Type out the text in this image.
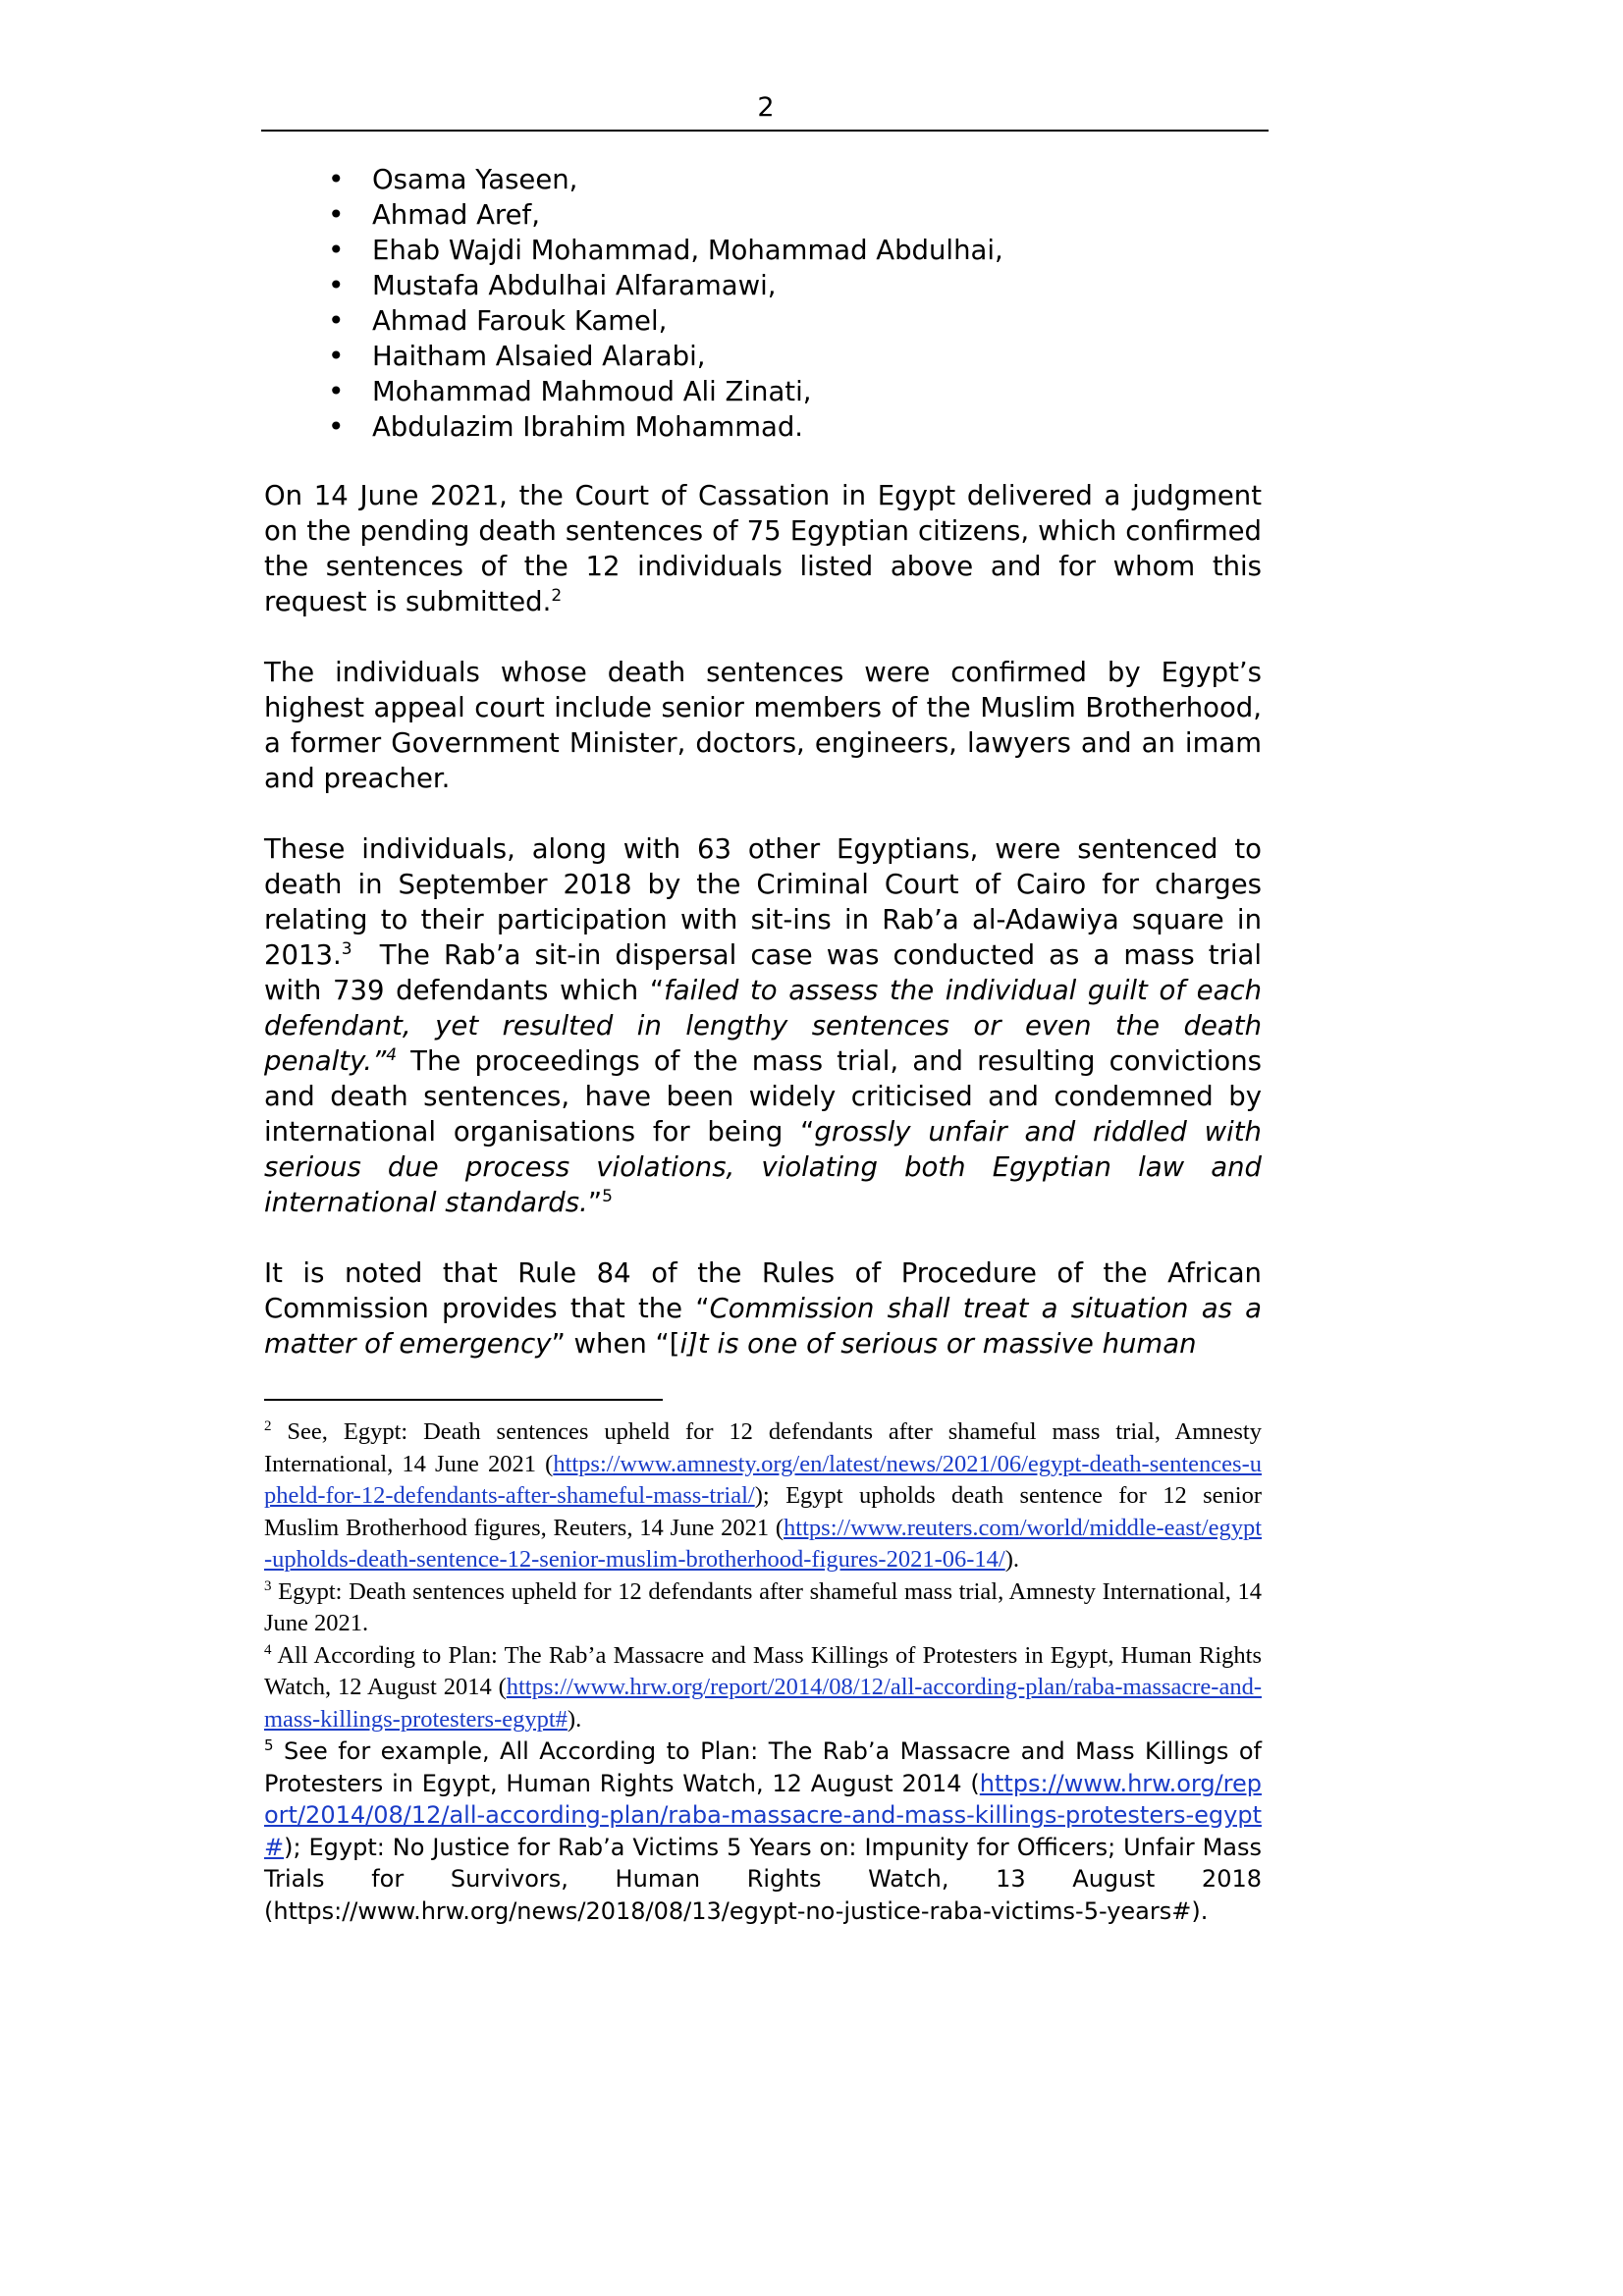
2
• Osama Yaseen,
• Ahmad Aref,
• Ehab Wajdi Mohammad, Mohammad Abdulhai,
• Mustafa Abdulhai Alfaramawi,
• Ahmad Farouk Kamel,
• Haitham Alsaied Alarabi,
• Mohammad Mahmoud Ali Zinati,
• Abdulazim Ibrahim Mohammad.

On 14 June 2021, the Court of Cassation in Egypt delivered a judgment on the pending death sentences of 75 Egyptian citizens, which confirmed the sentences of the 12 individuals listed above and for whom this request is submitted.$^2$

The individuals whose death sentences were confirmed by Egypt’s highest appeal court include senior members of the Muslim Brotherhood, a former Government Minister, doctors, engineers, lawyers and an imam and preacher.

These individuals, along with 63 other Egyptians, were sentenced to death in September 2018 by the Criminal Court of Cairo for charges relating to their participation with sit-ins in Rab’a al-Adawiya square in 2013.$^3$  The Rab’a sit-in dispersal case was conducted as a mass trial with 739 defendants which “failed to assess the individual guilt of each defendant, yet resulted in lengthy sentences or even the death penalty.”$^4$ The proceedings of the mass trial, and resulting convictions and death sentences, have been widely criticised and condemned by international organisations for being “grossly unfair and riddled with serious due process violations, violating both Egyptian law and international standards.”$^5$

It is noted that Rule 84 of the Rules of Procedure of the African Commission provides that the “Commission shall treat a situation as a matter of emergency” when “[i]t is one of serious or massive human

$^2$ See, Egypt: Death sentences upheld for 12 defendants after shameful mass trial, Amnesty International, 14 June 2021 (https://www.amnesty.org/en/latest/news/2021/06/egypt-death-sentences-upheld-for-12-defendants-after-shameful-mass-trial/); Egypt upholds death sentence for 12 senior Muslim Brotherhood figures, Reuters, 14 June 2021 (https://www.reuters.com/world/middle-east/egypt-upholds-death-sentence-12-senior-muslim-brotherhood-figures-2021-06-14/).

$^3$ Egypt: Death sentences upheld for 12 defendants after shameful mass trial, Amnesty International, 14 June 2021.

$^4$ All According to Plan: The Rab’a Massacre and Mass Killings of Protesters in Egypt, Human Rights Watch, 12 August 2014 (https://www.hrw.org/report/2014/08/12/all-according-plan/raba-massacre-and-mass-killings-protesters-egypt#).

$^5$ See for example, All According to Plan: The Rab’a Massacre and Mass Killings of Protesters in Egypt, Human Rights Watch, 12 August 2014 (https://www.hrw.org/report/2014/08/12/all-according-plan/raba-massacre-and-mass-killings-protesters-egypt#); Egypt: No Justice for Rab’a Victims 5 Years on: Impunity for Officers; Unfair Mass Trials for Survivors, Human Rights Watch, 13 August 2018 (https://www.hrw.org/news/2018/08/13/egypt-no-justice-raba-victims-5-years#).
